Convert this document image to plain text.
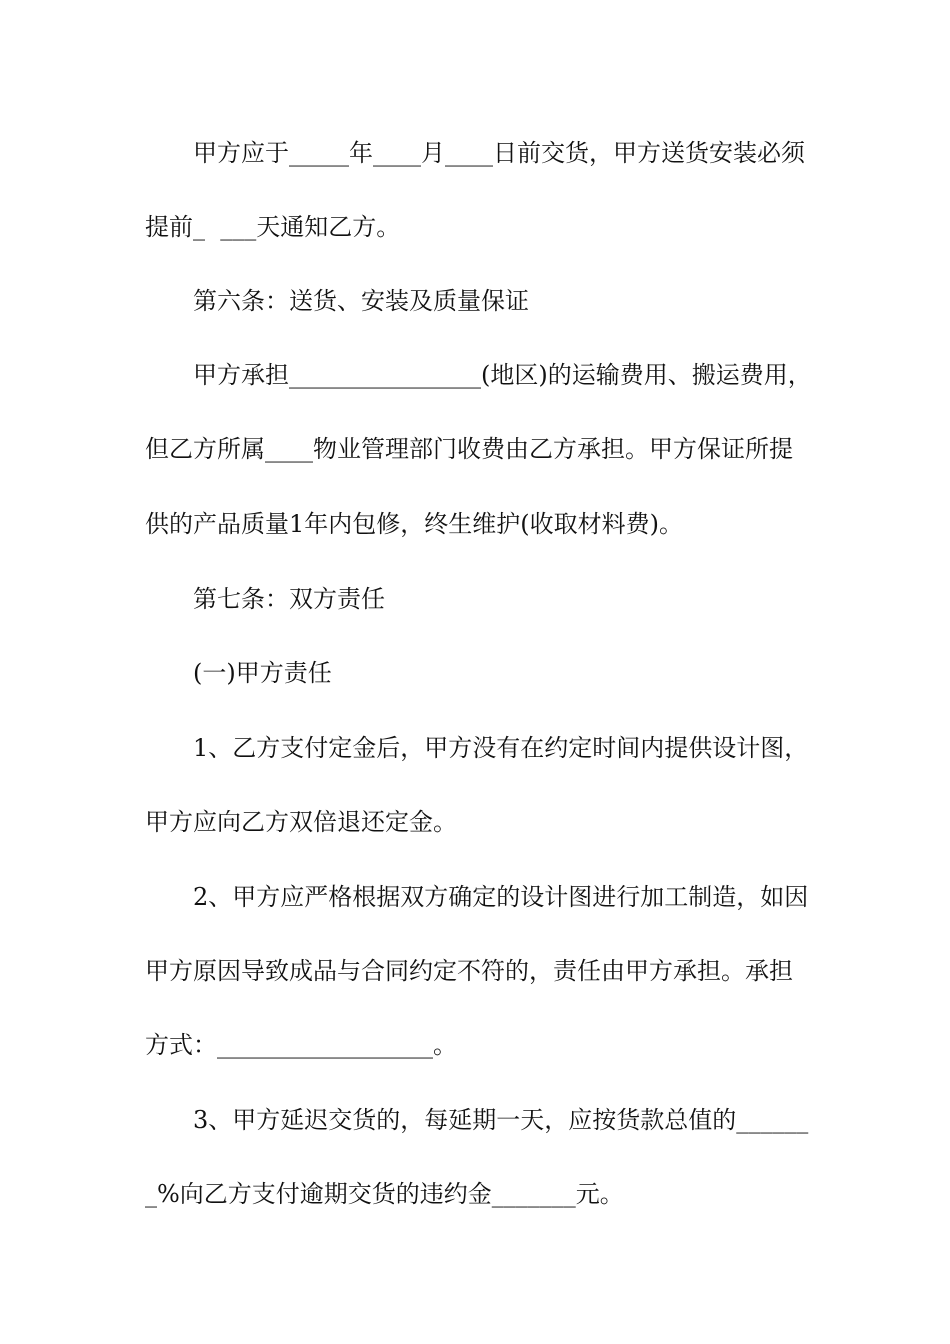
甲方应于_____年____月____日前交货，甲方送货安装必须
提前_  ___天通知乙方。
第六条：送货、安装及质量保证
甲方承担________________(地区)的运输费用、搬运费用，
但乙方所属____物业管理部门收费由乙方承担。甲方保证所提
供的产品质量1年内包修，终生维护(收取材料费)。
第七条：双方责任
(一)甲方责任
1、乙方支付定金后，甲方没有在约定时间内提供设计图，
甲方应向乙方双倍退还定金。
2、甲方应严格根据双方确定的设计图进行加工制造，如因
甲方原因导致成品与合同约定不符的，责任由甲方承担。承担
方式：__________________。
3、甲方延迟交货的，每延期一天，应按货款总值的______
_%向乙方支付逾期交货的违约金_______元。
